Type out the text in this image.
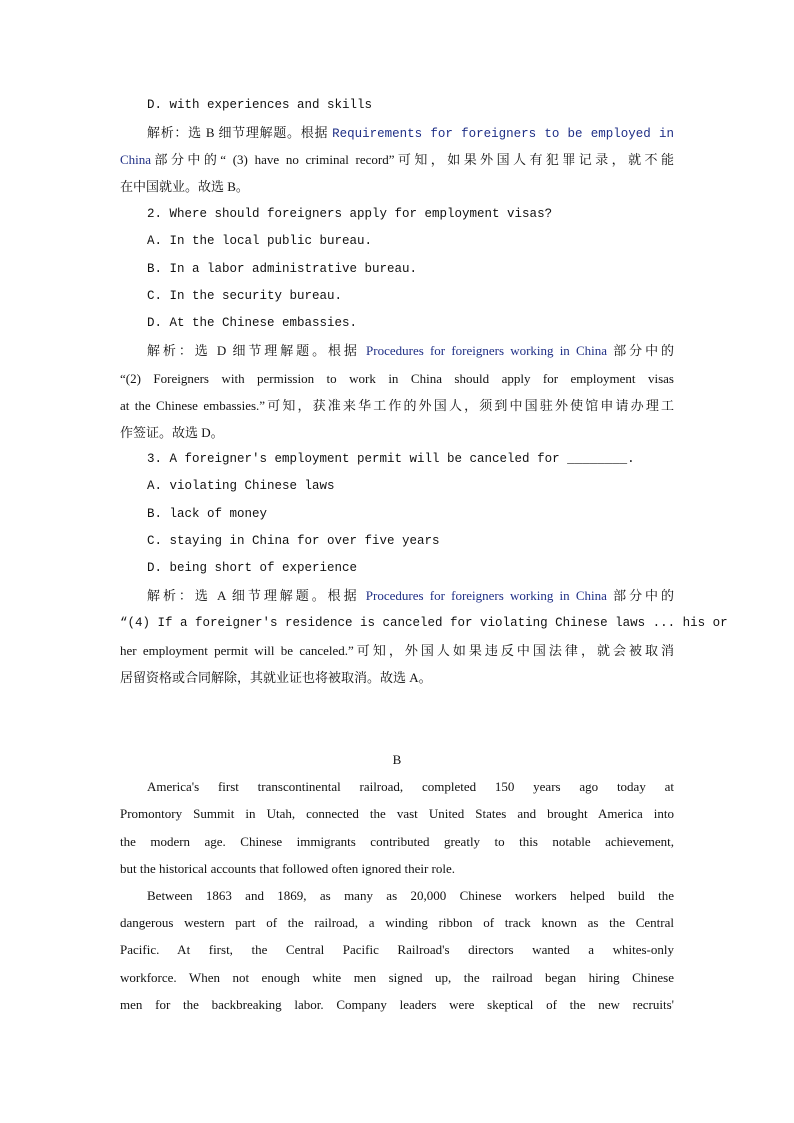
D. with experiences and skills
解析：选 B 细节理解题。根据 Requirements for foreigners to be employed in
China部分中的“ (3) have no criminal record”可知，如果外国人有犯罪记录，就不能
在中国就业。故选 B。
2. Where should foreigners apply for employment visas?
A. In the local public bureau.
B. In a labor administrative bureau.
C. In the security bureau.
D. At the Chinese embassies.
解析：选 D 细节理解题。根据 Procedures for foreigners working in China 部分中的
“(2) Foreigners with permission to work in China should apply for employment visas
at the Chinese embassies.”可知，获准来华工作的外国人，须到中国驻外使馆申请办理工
作签证。故选 D。
3. A foreigner's employment permit will be canceled for ________.
A. violating Chinese laws
B. lack of money
C. staying in China for over five years
D. being short of experience
解析：选 A 细节理解题。根据 Procedures for foreigners working in China 部分中的
“(4) If a foreigner's residence is canceled for violating Chinese laws ... his or
her employment permit will be canceled.”可知，外国人如果违反中国法律，就会被取消
居留资格或合同解除，其就业证也将被取消。故选 A。
B
America's first transcontinental railroad, completed 150 years ago today at
Promontory Summit in Utah, connected the vast United States and brought America into
the modern age. Chinese immigrants contributed greatly to this notable achievement,
but the historical accounts that followed often ignored their role.
Between 1863 and 1869, as many as 20,000 Chinese workers helped build the
dangerous western part of the railroad, a winding ribbon of track known as the Central
Pacific. At first, the Central Pacific Railroad's directors wanted a whites-only
workforce. When not enough white men signed up, the railroad began hiring Chinese
men for the backbreaking labor. Company leaders were skeptical of the new recruits'
